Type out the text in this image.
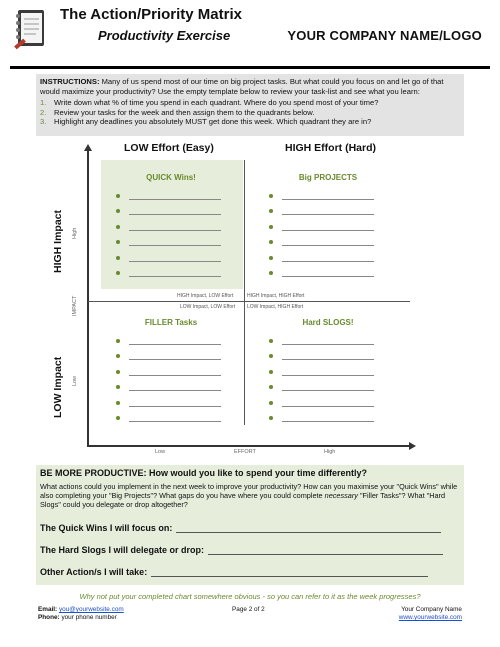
The Action/Priority Matrix
Productivity Exercise	YOUR COMPANY NAME/LOGO
INSTRUCTIONS: Many of us spend most of our time on big project tasks. But what could you focus on and let go of that would maximize your productivity? Use the empty template below to review your task-list and see what you learn:
1. Write down what % of time you spend in each quadrant. Where do you spend most of your time?
2. Review your tasks for the week and then assign them to the quadrants below.
3. Highlight any deadlines you absolutely MUST get done this week. Which quadrant they are in?
LOW Effort (Easy)	HIGH Effort (Hard)
HIGH Impact
LOW Impact
High
IMPACT
Low
QUICK Wins!
HIGH Impact, LOW Effort
Big PROJECTS
HIGH Impact, HIGH Effort
LOW Impact, LOW Effort
FILLER Tasks
LOW Impact, HIGH Effort
Hard SLOGS!
Low	EFFORT	High
BE MORE PRODUCTIVE: How would you like to spend your time differently?
What actions could you implement in the next week to improve your productivity? How can you maximise your "Quick Wins" while also completing your "Big Projects"? What gaps do you have where you could complete necessary "Filler Tasks"? What "Hard Slogs" could you delegate or drop altogether?
The Quick Wins I will focus on:
The Hard Slogs I will delegate or drop:
Other Action/s I will take:
Why not put your completed chart somewhere obvious - so you can refer to it as the week progresses?
Email: you@yourwebsite.com
Phone: your phone number
Page 2 of 2	Your Company Name
www.yourwebsite.com
